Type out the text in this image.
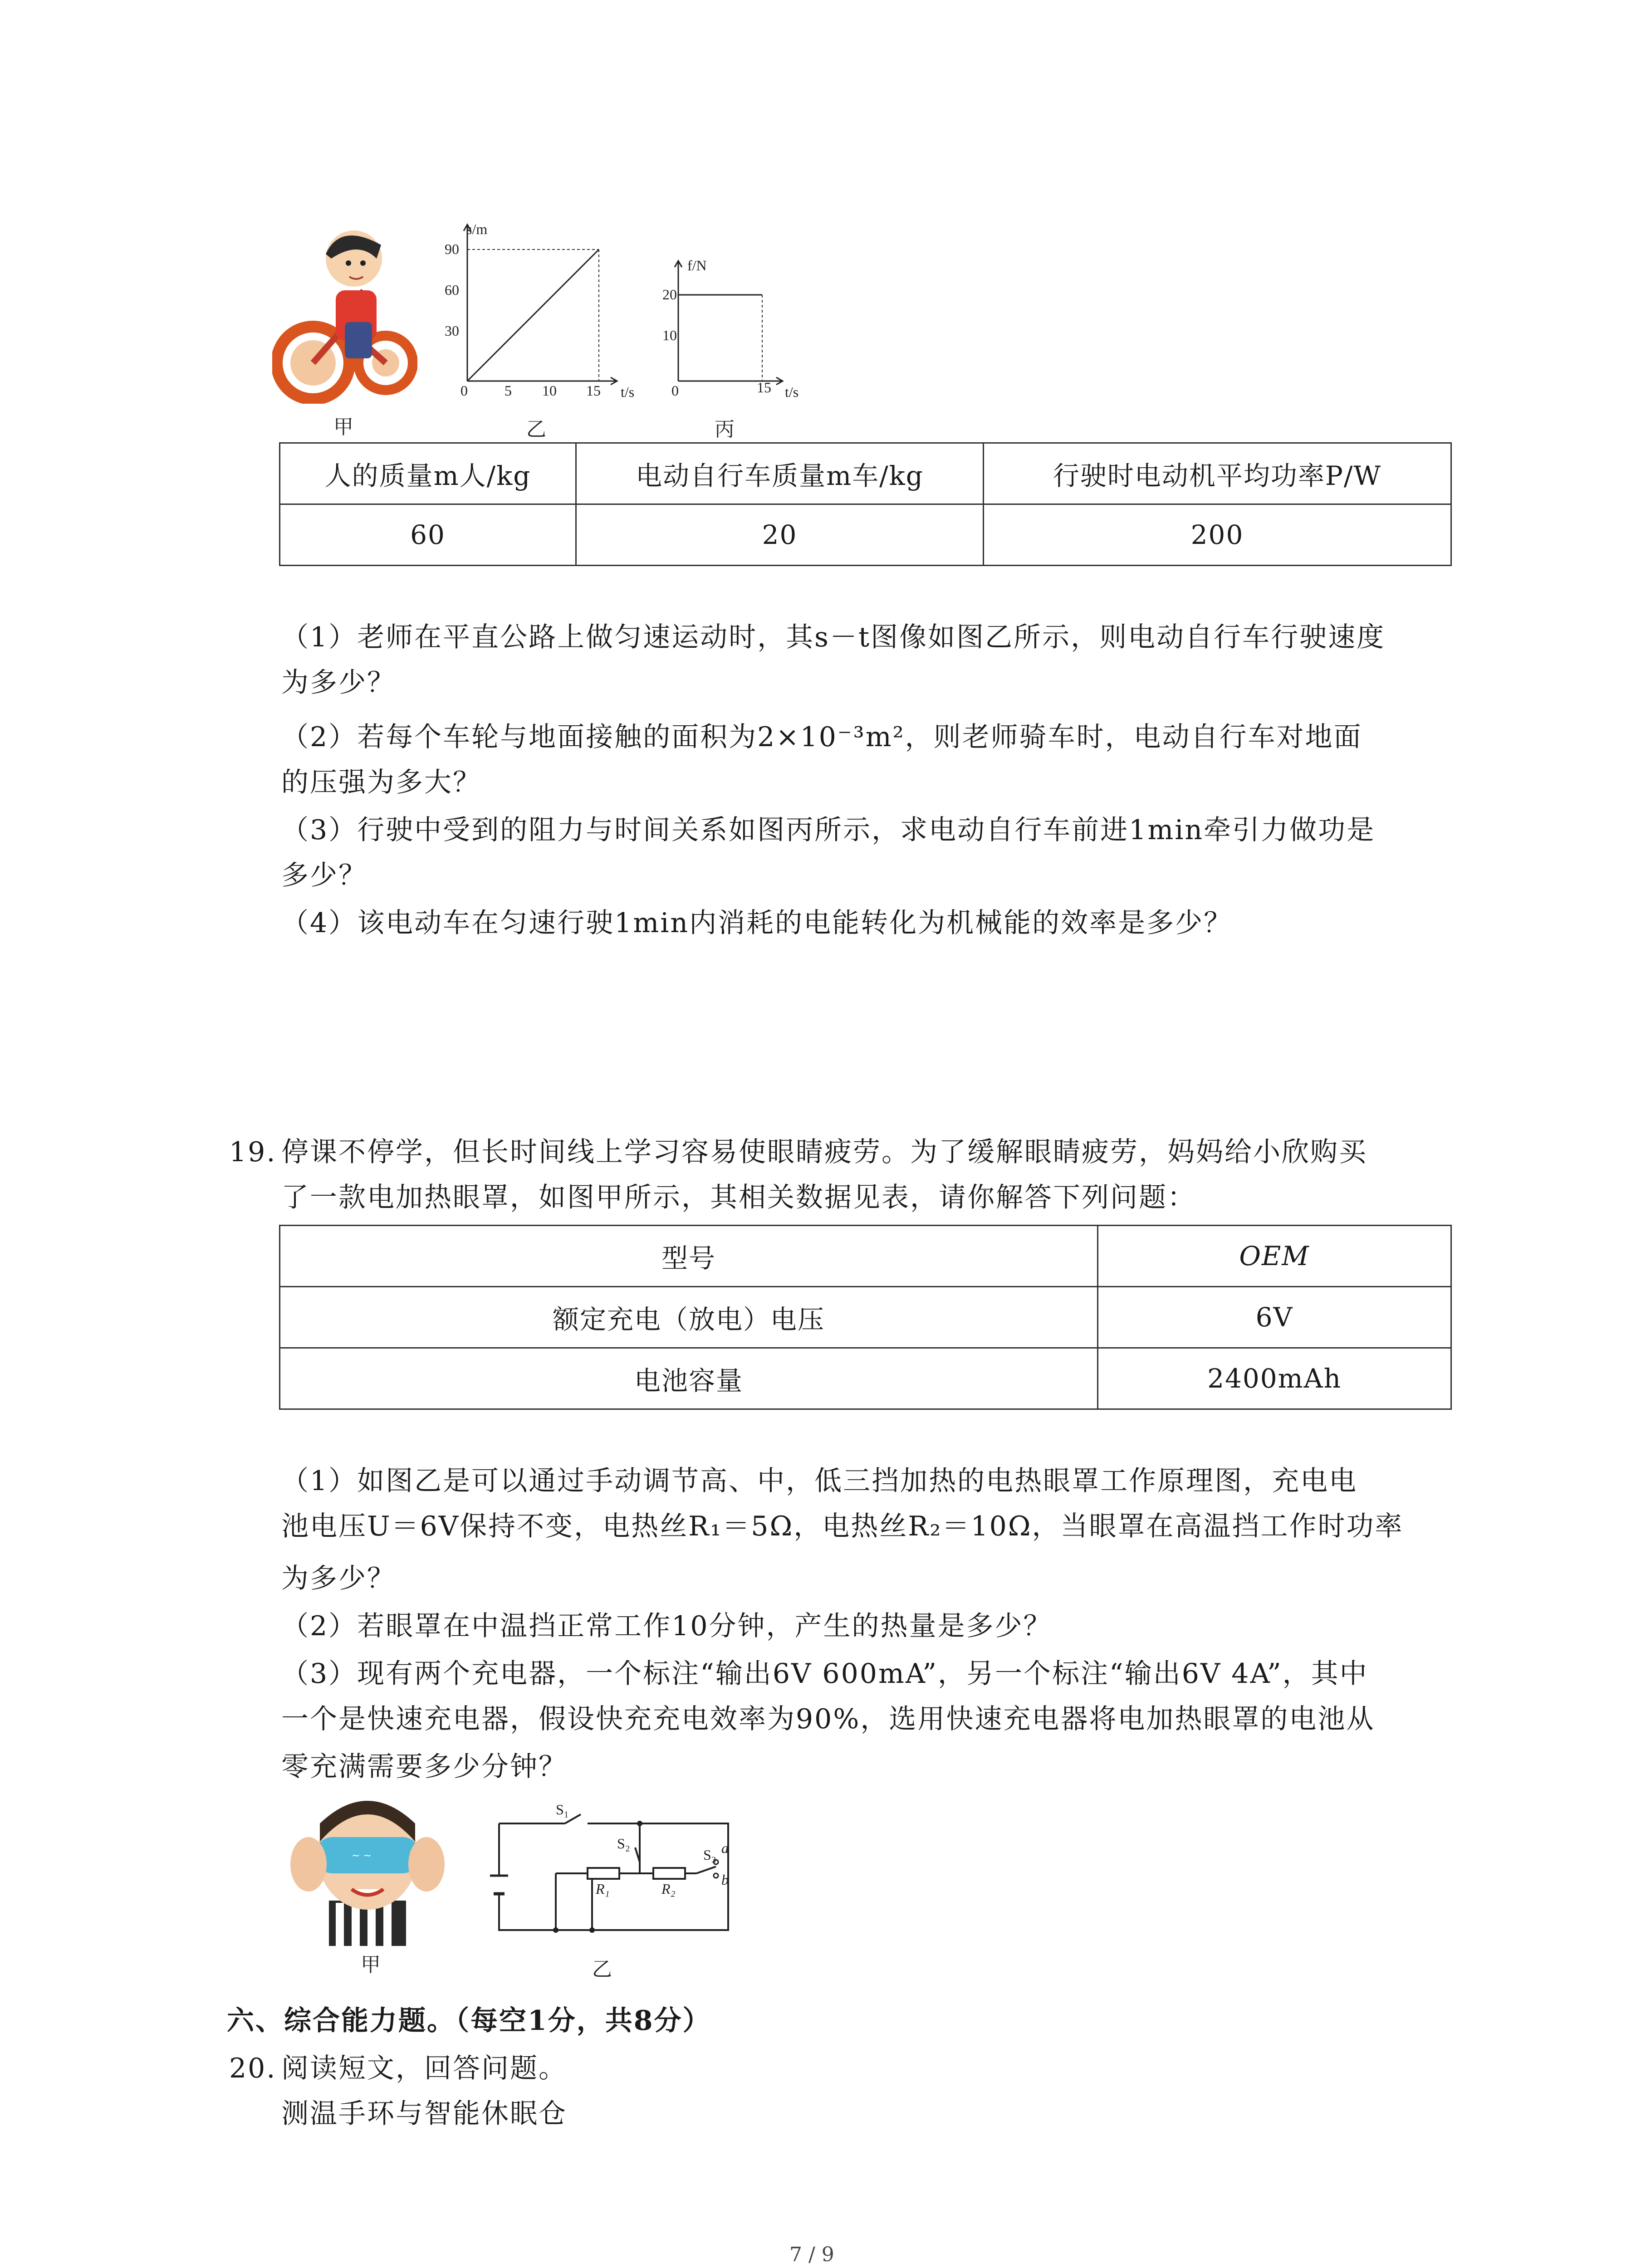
甲
s/m
t/s
90
60
30
0	5 10 15
f/N
t/s
20
10
0	15
乙	丙
人的质量m人/kg	电动自行车质量m车/kg	行驶时电动机平均功率P/W
60	20	200
（1）老师在平直公路上做匀速运动时，其s－t图像如图乙所示，则电动自行车行驶速度
为多少？
（2）若每个车轮与地面接触的面积为2×10⁻³m²，则老师骑车时，电动自行车对地面
的压强为多大？
（3）行驶中受到的阻力与时间关系如图丙所示，求电动自行车前进1min牵引力做功是
多少？
（4）该电动车在匀速行驶1min内消耗的电能转化为机械能的效率是多少？
19. 停课不停学，但长时间线上学习容易使眼睛疲劳。为了缓解眼睛疲劳，妈妈给小欣购买
了一款电加热眼罩，如图甲所示，其相关数据见表，请你解答下列问题：
型号	OEM
额定充电（放电）电压	6V
电池容量	2400mAh
（1）如图乙是可以通过手动调节高、中，低三挡加热的电热眼罩工作原理图，充电电
池电压U＝6V保持不变，电热丝R₁＝5Ω，电热丝R₂＝10Ω，当眼罩在高温挡工作时功率
为多少？
（2）若眼罩在中温挡正常工作10分钟，产生的热量是多少？
（3）现有两个充电器，一个标注“输出6V 600mA”，另一个标注“输出6V 4A”，其中
一个是快速充电器，假设快充充电效率为90%，选用快速充电器将电加热眼罩的电池从
零充满需要多少分钟？
~ ~
甲
S₁
S₂
S₃ a
b
R₁	R₂
乙
六、综合能力题。（每空1分，共8分）
20. 阅读短文，回答问题。
测温手环与智能休眠仓
7 / 9
